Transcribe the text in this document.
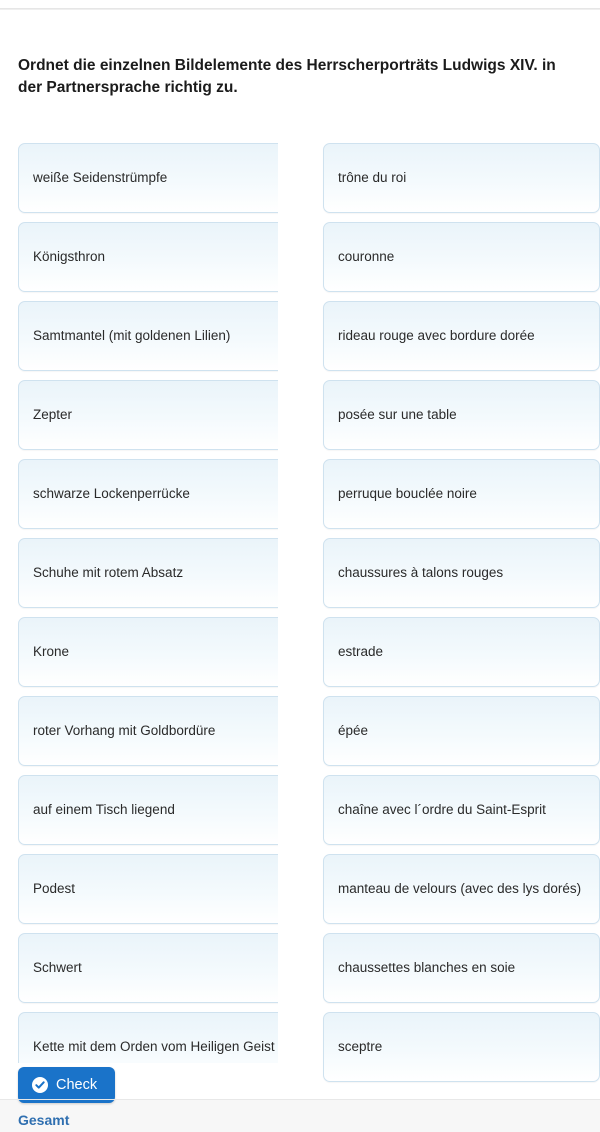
Ordnet die einzelnen Bildelemente des Herrscherporträts Ludwigs XIV. in der Partnersprache richtig zu.
weiße Seidenstrümpfe
Königsthron
Samtmantel (mit goldenen Lilien)
Zepter
schwarze Lockenperrücke
Schuhe mit rotem Absatz
Krone
roter Vorhang mit Goldbordüre
auf einem Tisch liegend
Podest
Schwert
Kette mit dem Orden vom Heiligen Geist
trône du roi
couronne
rideau rouge avec bordure dorée
posée sur une table
perruque bouclée noire
chaussures à talons rouges
estrade
épée
chaîne avec l´ordre du Saint-Esprit
manteau de velours (avec des lys dorés)
chaussettes blanches en soie
sceptre
Check
Gesamt
